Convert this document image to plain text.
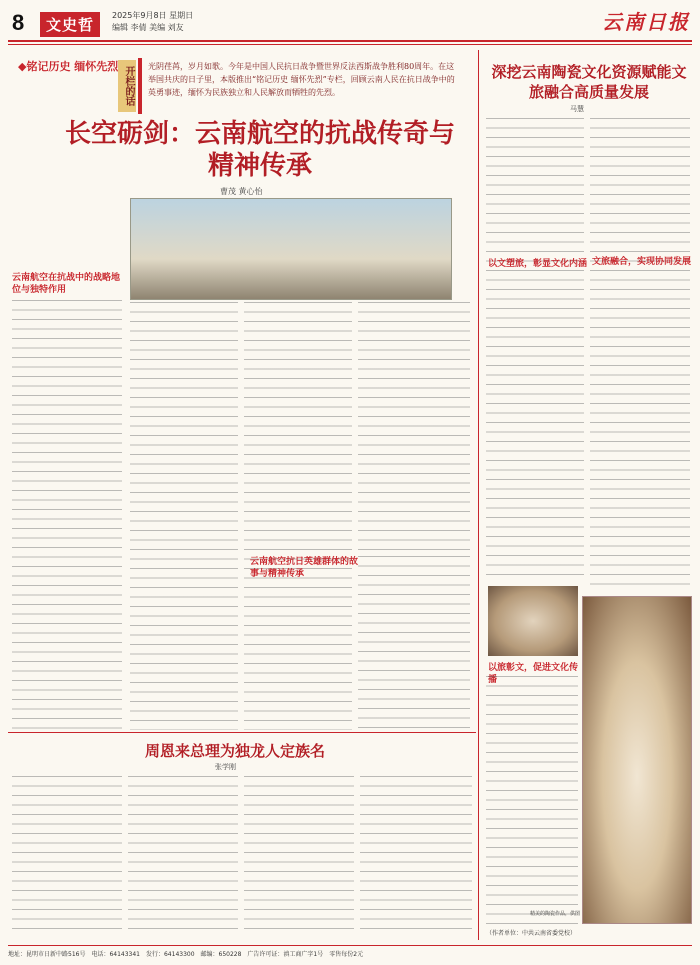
8	文史哲
2025年9月8日 星期日
编辑 李倩 美编 刘友	云南日报
◆铭记历史 缅怀先烈 开栏的话 光阴荏苒，岁月如歌。今年是中国人民抗日战争暨世界反法西斯战争胜利80周年。在这举国共庆的日子里，本版推出“铭记历史 缅怀先烈”专栏，回顾云南人民在抗日战争中的英勇事迹，缅怀为民族独立和人民解放而牺牲的先烈。
长空砺剑：云南航空的抗战传奇与精神传承
曹茂 黄心怡
云南航空在抗战中的战略地位与独特作用
云南航空抗日英雄群体的故事与精神传承
周恩来总理为独龙人定族名
张学刚
深挖云南陶瓷文化资源赋能文旅融合高质量发展
马慧
以文塑旅，彰显文化内涵 文旅融合，实现协同发展
以旅彰文，促进文化传播
精美的陶瓷作品，供图
（作者单位：中共云南省委党校）
地址：昆明市日新中路516号　电话：64143341　发行：64143300　邮编：650228　广告许可证：滇工商广字1号　零售每份2元
